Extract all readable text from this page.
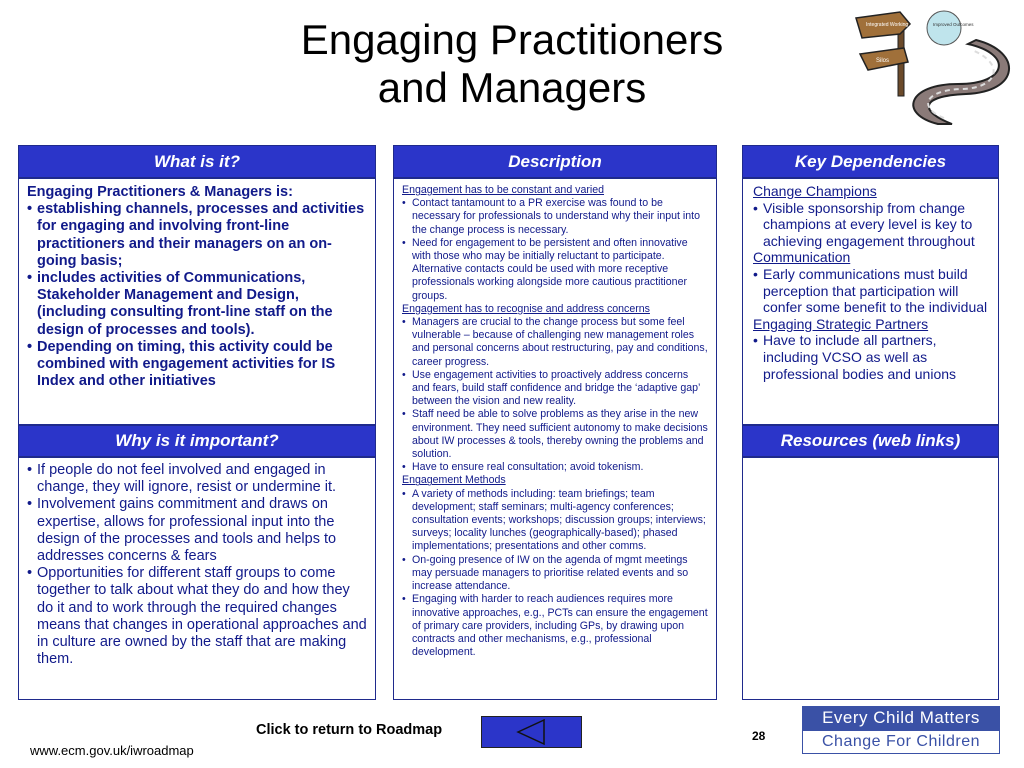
Engaging Practitioners
and Managers
Integrated Working	Improved Outcomes
Silos
What is it?
Engaging Practitioners & Managers is:
• establishing channels, processes and activities for engaging and involving front-line practitioners and their managers on an on-going basis;
• includes activities of Communications, Stakeholder Management and Design, (including consulting front-line staff on the design of processes and tools).
• Depending on timing, this activity could be combined with engagement activities for IS Index and other initiatives
Why is it important?
• If people do not feel involved and engaged in change, they will ignore, resist or undermine it.
• Involvement gains commitment and draws on expertise, allows for professional input into the design of the processes and tools and helps to addresses concerns & fears
• Opportunities for different staff groups to come together to talk about what they do and how they do it and to work through the required changes means that changes in operational approaches and in culture are owned by the staff that are making them.
Description
Engagement has to be constant and varied
• Contact tantamount to a PR exercise was found to be necessary for professionals to understand why their input into the change process is necessary.
• Need for engagement to be persistent and often innovative with those who may be initially reluctant to participate. Alternative contacts could be used with more receptive professionals working alongside more cautious practitioner groups.
Engagement has to recognise and address concerns
• Managers are crucial to the change process but some feel vulnerable – because of challenging new management roles and personal concerns about restructuring, pay and conditions, career progress.
• Use engagement activities to proactively address concerns and fears, build staff confidence and bridge the ‘adaptive gap’ between the vision and new reality.
• Staff need be able to solve problems as they arise in the new environment. They need sufficient autonomy to make decisions about IW processes & tools, thereby owning the problems and solution.
• Have to ensure real consultation; avoid tokenism.
Engagement Methods
• A variety of methods including: team briefings; team development; staff seminars; multi-agency conferences; consultation events; workshops; discussion groups; interviews; surveys; locality lunches (geographically-based); phased implementations; presentations and other comms.
• On-going presence of IW on the agenda of mgmt meetings may persuade managers to prioritise related events and so increase attendance.
• Engaging with harder to reach audiences requires more innovative approaches, e.g., PCTs can ensure the engagement of primary care providers, including GPs, by drawing upon contracts and other mechanisms, e.g., professional development.
Key Dependencies
Change Champions
• Visible sponsorship from change champions at every level is key to achieving engagement throughout
Communication
• Early communications must build perception that participation will confer some benefit to the individual
Engaging Strategic Partners
• Have to include all partners, including VCSO as well as professional bodies and unions
Resources (web links)
Click to return to Roadmap	28
www.ecm.gov.uk/iwroadmap
Every Child Matters
Change For Children
